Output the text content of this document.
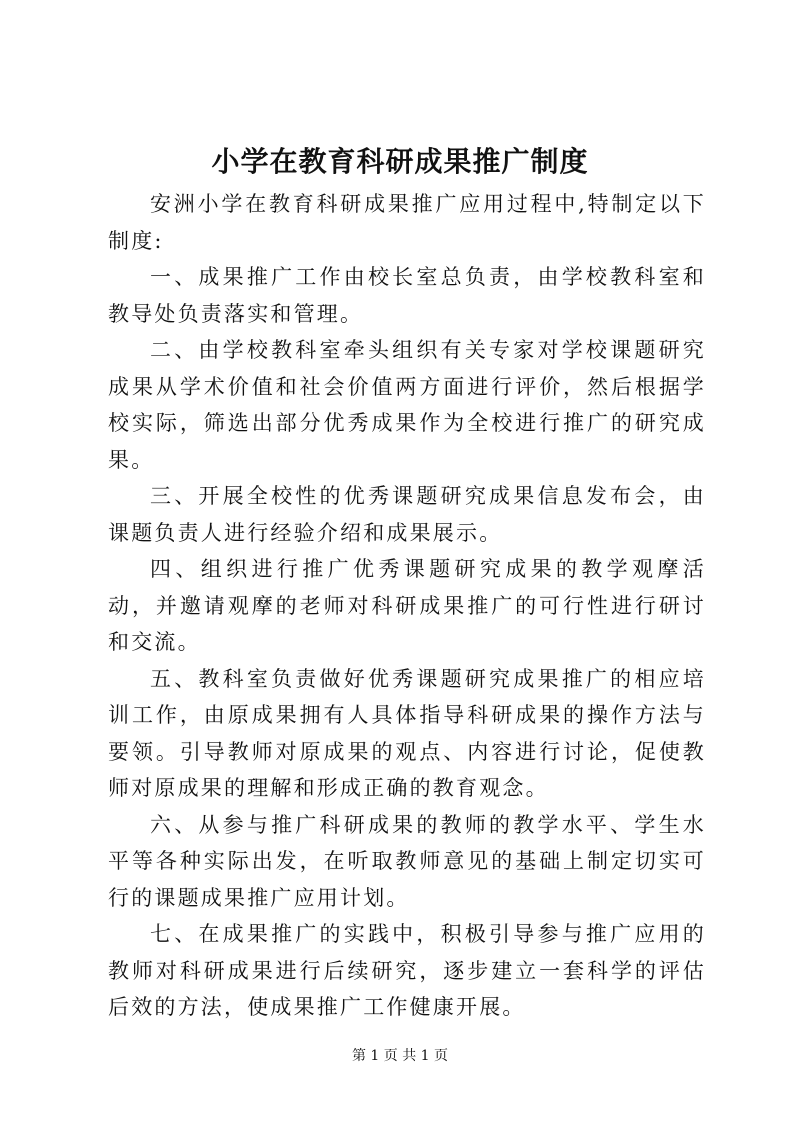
小学在教育科研成果推广制度

安洲小学在教育科研成果推广应用过程中,特制定以下制度:

一、成果推广工作由校长室总负责，由学校教科室和教导处负责落实和管理。

二、由学校教科室牵头组织有关专家对学校课题研究成果从学术价值和社会价值两方面进行评价，然后根据学校实际，筛选出部分优秀成果作为全校进行推广的研究成果。

三、开展全校性的优秀课题研究成果信息发布会，由课题负责人进行经验介绍和成果展示。

四、组织进行推广优秀课题研究成果的教学观摩活动，并邀请观摩的老师对科研成果推广的可行性进行研讨和交流。

五、教科室负责做好优秀课题研究成果推广的相应培训工作，由原成果拥有人具体指导科研成果的操作方法与要领。引导教师对原成果的观点、内容进行讨论，促使教师对原成果的理解和形成正确的教育观念。

六、从参与推广科研成果的教师的教学水平、学生水平等各种实际出发，在听取教师意见的基础上制定切实可行的课题成果推广应用计划。

七、在成果推广的实践中，积极引导参与推广应用的教师对科研成果进行后续研究，逐步建立一套科学的评估后效的方法，使成果推广工作健康开展。

第 1 页 共 1 页
